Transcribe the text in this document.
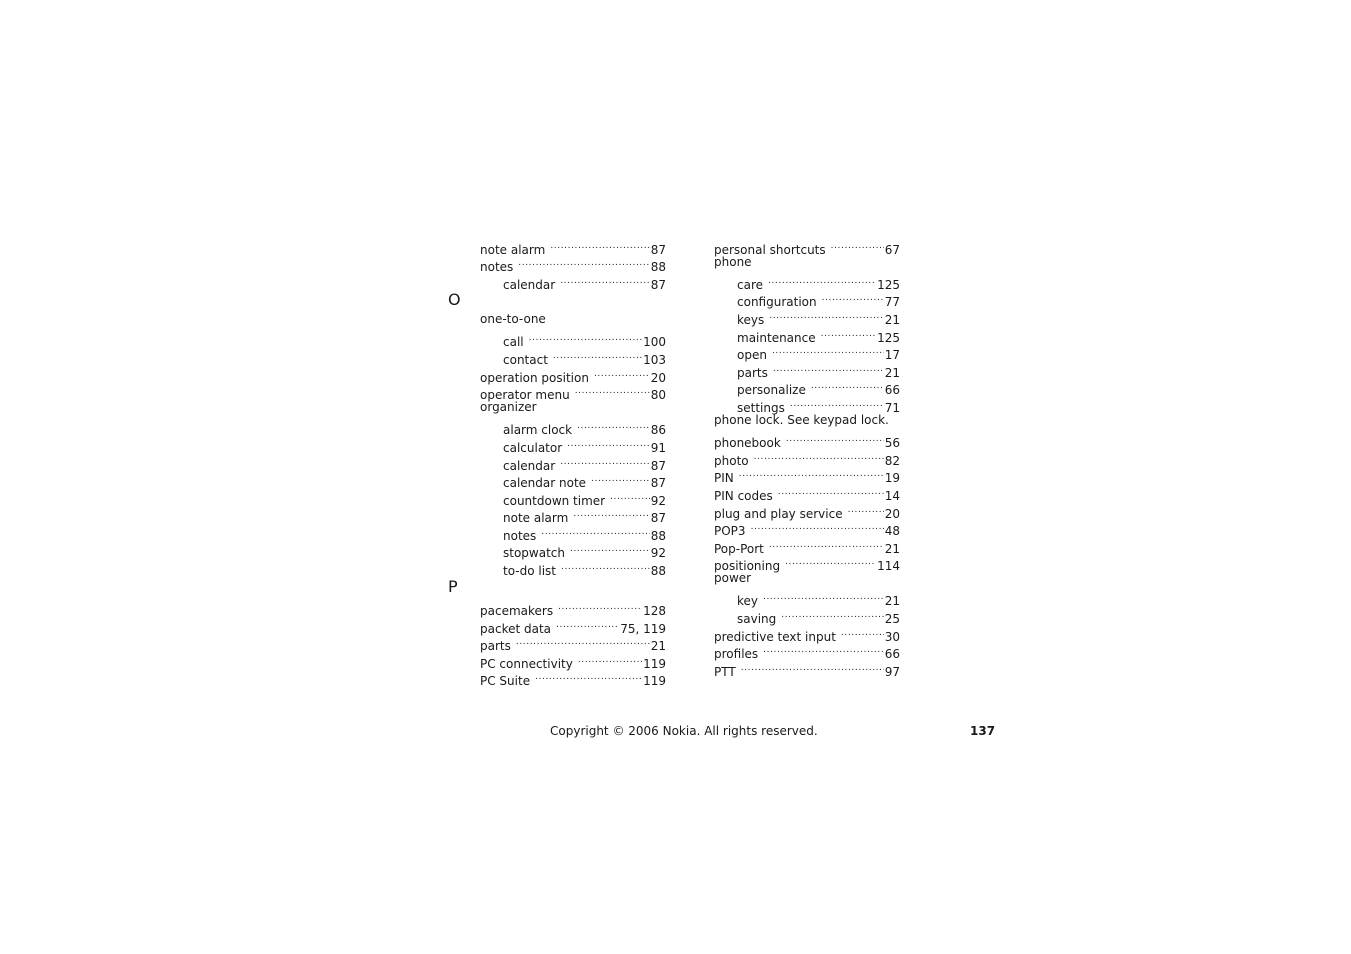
note alarm .....	87
notes .....	88
calendar .....	87
one-to-one
call .....	100
contact .....	103
operation position .....	20
operator menu .....	80
organizer
alarm clock .....	86
calculator .....	91
calendar .....	87
calendar note .....	87
countdown timer .....	92
note alarm .....	87
notes .....	88
stopwatch .....	92
to-do list .....	88
pacemakers .....	128
packet data .....	75, 119
parts .....	21
PC connectivity .....	119
PC Suite .....	119
O
P
personal shortcuts .....	67
phone
care .....	125
configuration .....	77
keys .....	21
maintenance .....	125
open .....	17
parts .....	21
personalize .....	66
settings .....	71
phone lock. See keypad lock.
phonebook .....	56
photo .....	82
PIN .....	19
PIN codes .....	14
plug and play service .....	20
POP3 .....	48
Pop-Port .....	21
positioning .....	114
power
key .....	21
saving .....	25
predictive text input .....	30
profiles .....	66
PTT .....	97
Copyright © 2006 Nokia. All rights reserved.	137
